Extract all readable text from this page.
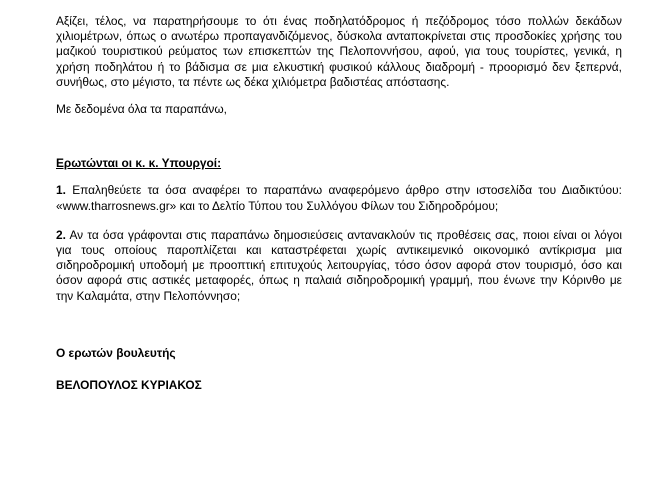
Αξίζει, τέλος, να παρατηρήσουμε το ότι ένας ποδηλατόδρομος ή πεζόδρομος τόσο πολλών δεκάδων χιλιομέτρων, όπως ο ανωτέρω προπαγανδιζόμενος, δύσκολα ανταποκρίνεται στις προσδοκίες χρήσης του μαζικού τουριστικού ρεύματος των επισκεπτών της Πελοποννήσου, αφού, για τους τουρίστες, γενικά, η χρήση ποδηλάτου ή το βάδισμα σε μια ελκυστική φυσικού κάλλους διαδρομή - προορισμό δεν ξεπερνά, συνήθως, στο μέγιστο, τα πέντε ως δέκα χιλιόμετρα βαδιστέας απόστασης.

Με δεδομένα όλα τα παραπάνω,

Ερωτώνται οι κ. κ. Υπουργοί:

1. Επαληθεύετε τα όσα αναφέρει το παραπάνω αναφερόμενο άρθρο στην ιστοσελίδα του Διαδικτύου: «www.tharrosnews.gr» και το Δελτίο Τύπου του Συλλόγου Φίλων του Σιδηροδρόμου;

2. Αν τα όσα γράφονται στις παραπάνω δημοσιεύσεις αντανακλούν τις προθέσεις σας, ποιοι είναι οι λόγοι για τους οποίους παροπλίζεται και καταστρέφεται χωρίς αντικειμενικό οικονομικό αντίκρισμα μια σιδηροδρομική υποδομή με προοπτική επιτυχούς λειτουργίας, τόσο όσον αφορά στον τουρισμό, όσο και όσον αφορά στις αστικές μεταφορές, όπως η παλαιά σιδηροδρομική γραμμή, που ένωνε την Κόρινθο με την Καλαμάτα, στην Πελοπόννησο;

Ο ερωτών βουλευτής
ΒΕΛΟΠΟΥΛΟΣ ΚΥΡΙΑΚΟΣ
